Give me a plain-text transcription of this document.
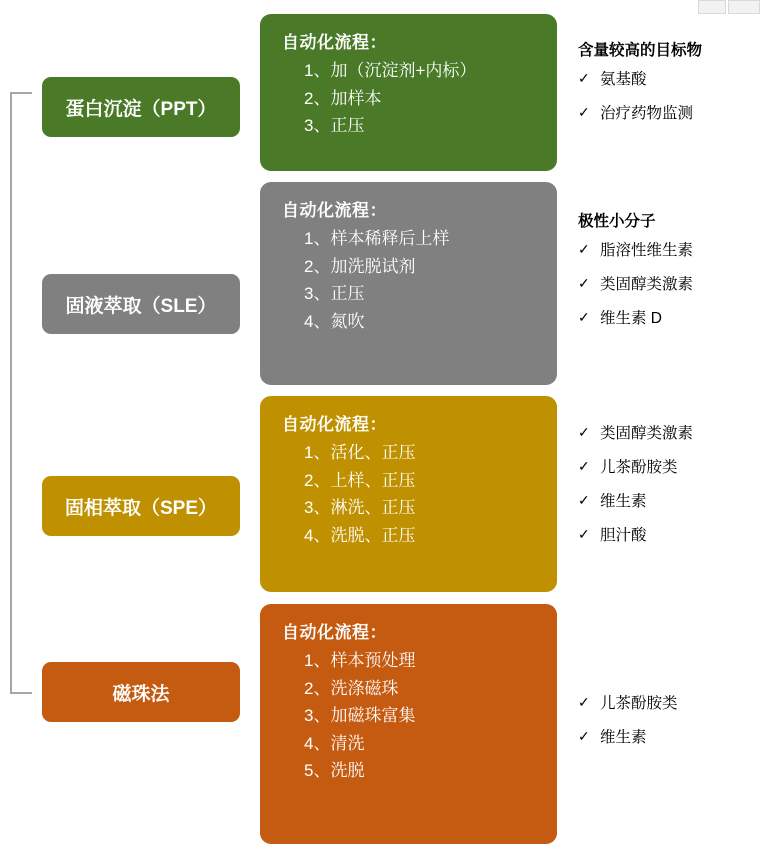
蛋白沉淀（PPT）
自动化流程：
1、加（沉淀剂+内标）
2、加样本
3、正压
含量较高的目标物
✓ 氨基酸
✓ 治疗药物监测
固液萃取（SLE）
自动化流程：
1、样本稀释后上样
2、加洗脱试剂
3、正压
4、氮吹
极性小分子
✓ 脂溶性维生素
✓ 类固醇类激素
✓ 维生素 D
固相萃取（SPE）
自动化流程：
1、活化、正压
2、上样、正压
3、淋洗、正压
4、洗脱、正压
✓ 类固醇类激素
✓ 儿茶酚胺类
✓ 维生素
✓ 胆汁酸
磁珠法
自动化流程：
1、样本预处理
2、洗涤磁珠
3、加磁珠富集
4、清洗
5、洗脱
✓ 儿茶酚胺类
✓ 维生素
